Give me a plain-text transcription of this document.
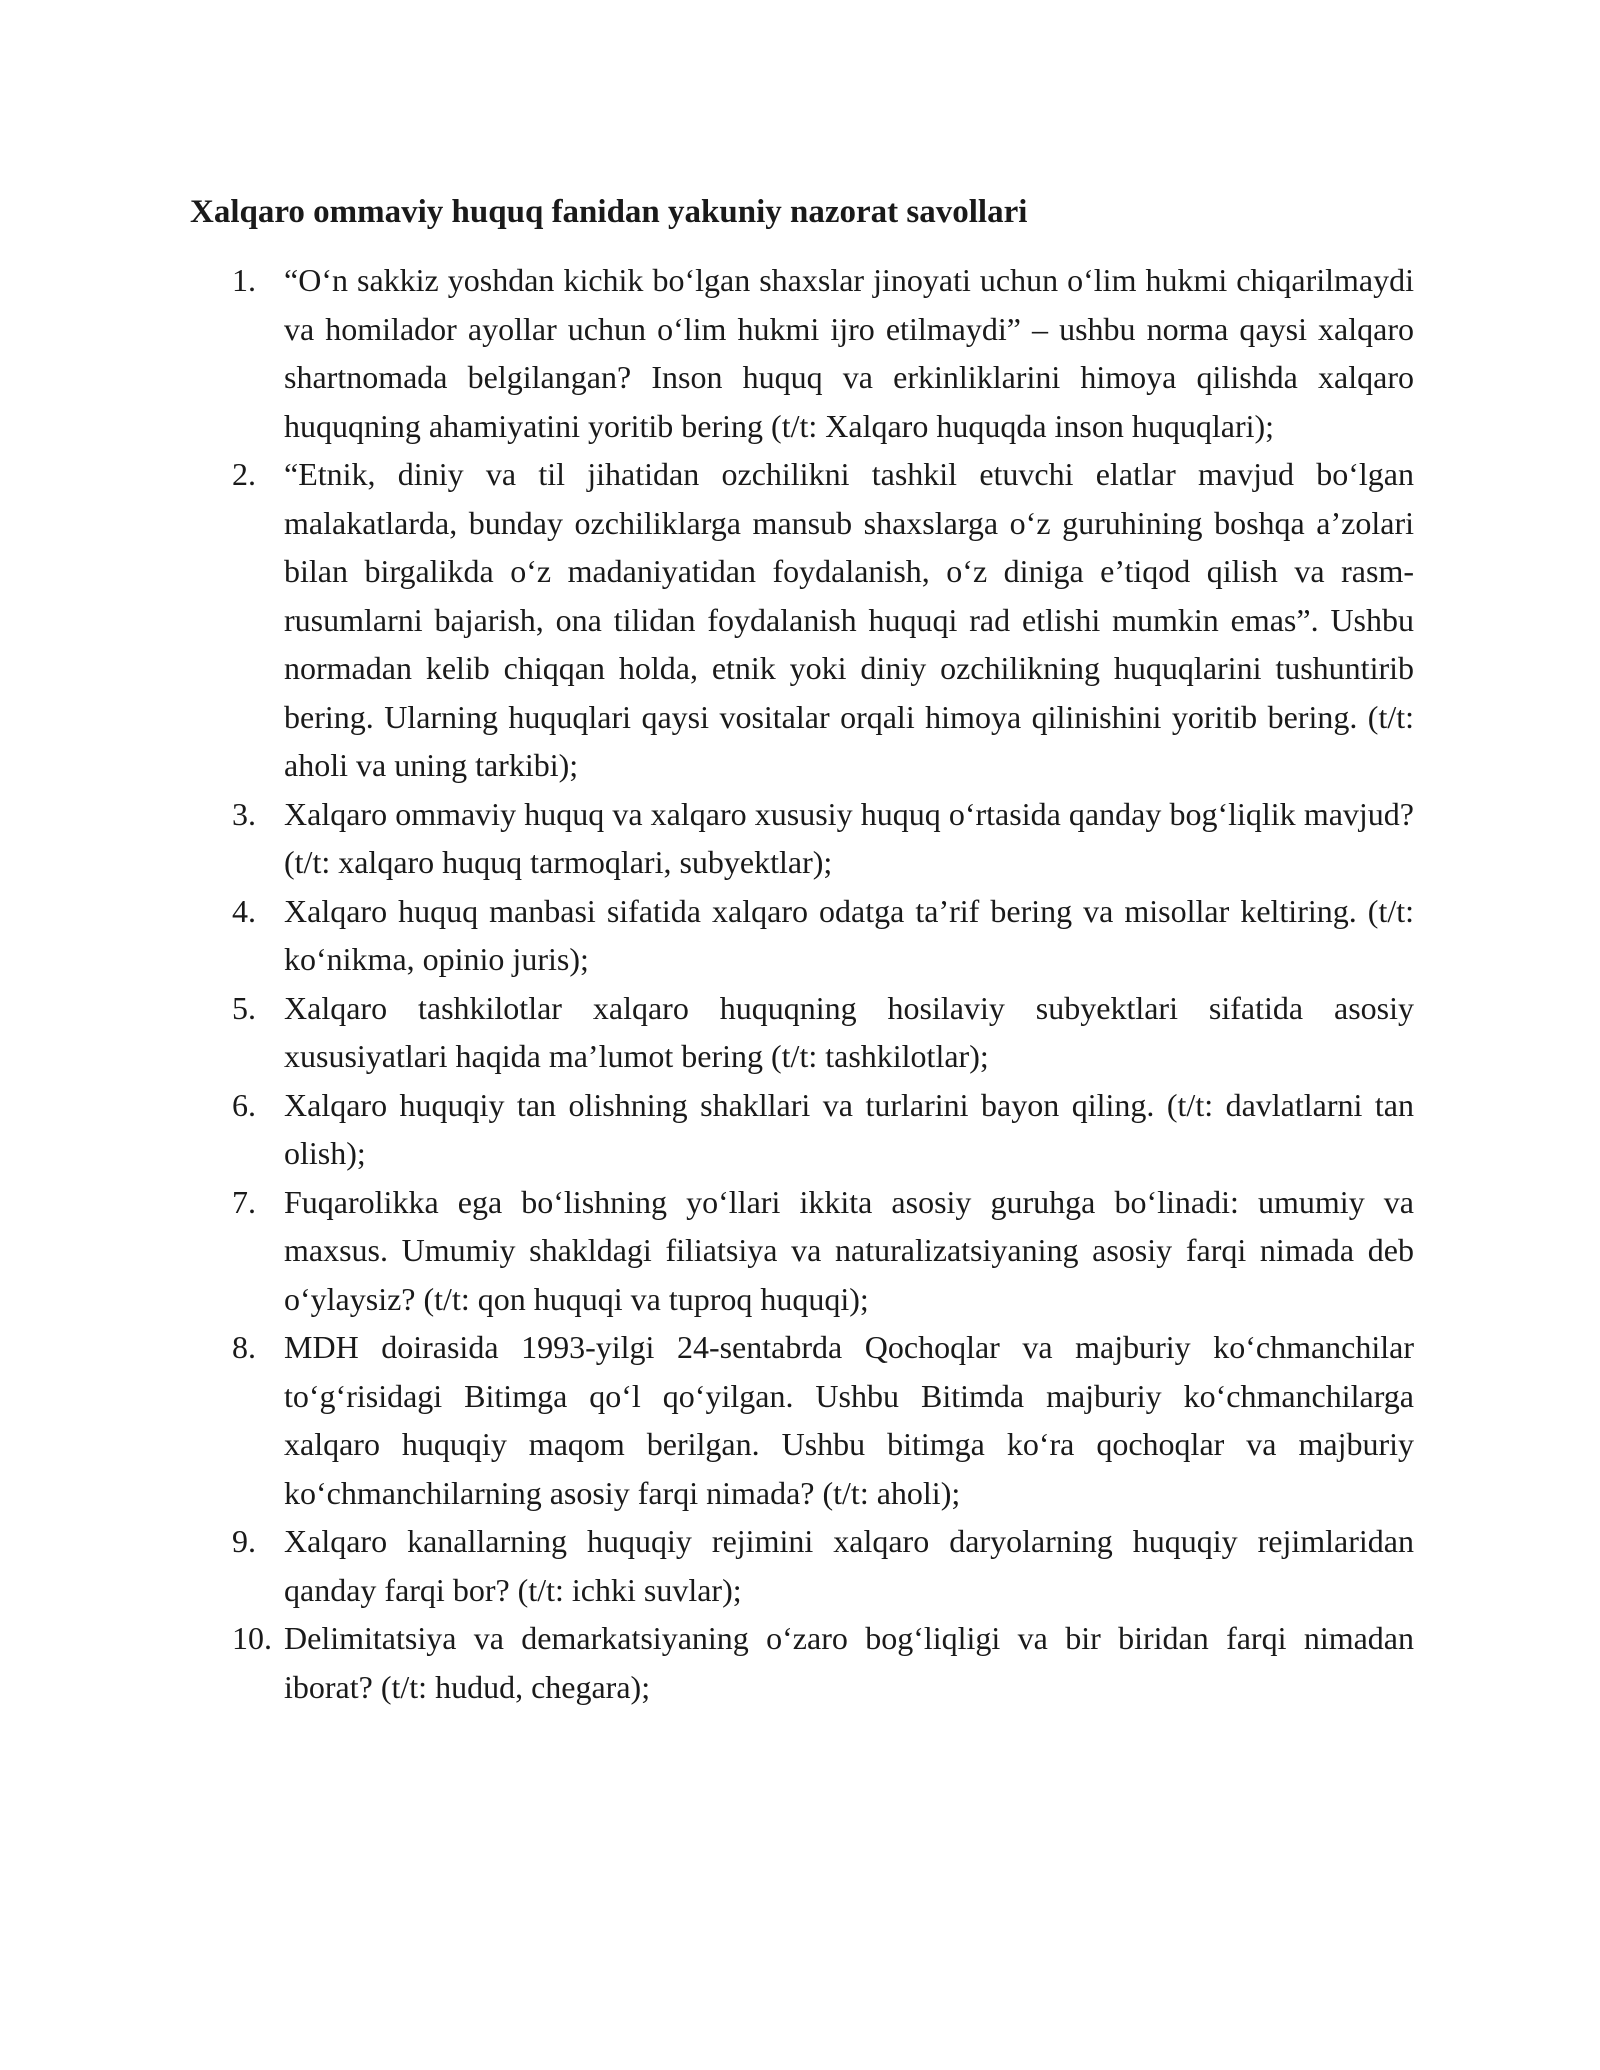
Xalqaro ommaviy huquq fanidan yakuniy nazorat savollari
1. “O‘n sakkiz yoshdan kichik bo‘lgan shaxslar jinoyati uchun o‘lim hukmi chiqarilmaydi va homilador ayollar uchun o‘lim hukmi ijro etilmaydi” – ushbu norma qaysi xalqaro shartnomada belgilangan? Inson huquq va erkinliklarini himoya qilishda xalqaro huquqning ahamiyatini yoritib bering (t/t: Xalqaro huquqda inson huquqlari);
2. “Etnik, diniy va til jihatidan ozchilikni tashkil etuvchi elatlar mavjud bo‘lgan malakatlarda, bunday ozchiliklarga mansub shaxslarga o‘z guruhining boshqa a’zolari bilan birgalikda o‘z madaniyatidan foydalanish, o‘z diniga e’tiqod qilish va rasm-rusumlarni bajarish, ona tilidan foydalanish huquqi rad etlishi mumkin emas”. Ushbu normadan kelib chiqqan holda, etnik yoki diniy ozchilikning huquqlarini tushuntirib bering. Ularning huquqlari qaysi vositalar orqali himoya qilinishini yoritib bering. (t/t: aholi va uning tarkibi);
3. Xalqaro ommaviy huquq va xalqaro xususiy huquq o‘rtasida qanday bog‘liqlik mavjud? (t/t: xalqaro huquq tarmoqlari, subyektlar);
4. Xalqaro huquq manbasi sifatida xalqaro odatga ta’rif bering va misollar keltiring. (t/t: ko‘nikma, opinio juris);
5. Xalqaro tashkilotlar xalqaro huquqning hosilaviy subyektlari sifatida asosiy xususiyatlari haqida ma’lumot bering (t/t: tashkilotlar);
6. Xalqaro huquqiy tan olishning shakllari va turlarini bayon qiling. (t/t: davlatlarni tan olish);
7. Fuqarolikka ega bo‘lishning yo‘llari ikkita asosiy guruhga bo‘linadi: umumiy va maxsus. Umumiy shakldagi filiatsiya va naturalizatsiyaning asosiy farqi nimada deb o‘ylaysiz? (t/t: qon huquqi va tuproq huquqi);
8. MDH doirasida 1993-yilgi 24-sentabrda Qochoqlar va majburiy ko‘chmanchilar to‘g‘risidagi Bitimga qo‘l qo‘yilgan. Ushbu Bitimda majburiy ko‘chmanchilarga xalqaro huquqiy maqom berilgan. Ushbu bitimga ko‘ra qochoqlar va majburiy ko‘chmanchilarning asosiy farqi nimada? (t/t: aholi);
9. Xalqaro kanallarning huquqiy rejimini xalqaro daryolarning huquqiy rejimlaridan qanday farqi bor? (t/t: ichki suvlar);
10. Delimitatsiya va demarkatsiyaning o‘zaro bog‘liqligi va bir biridan farqi nimadan iborat? (t/t: hudud, chegara);
